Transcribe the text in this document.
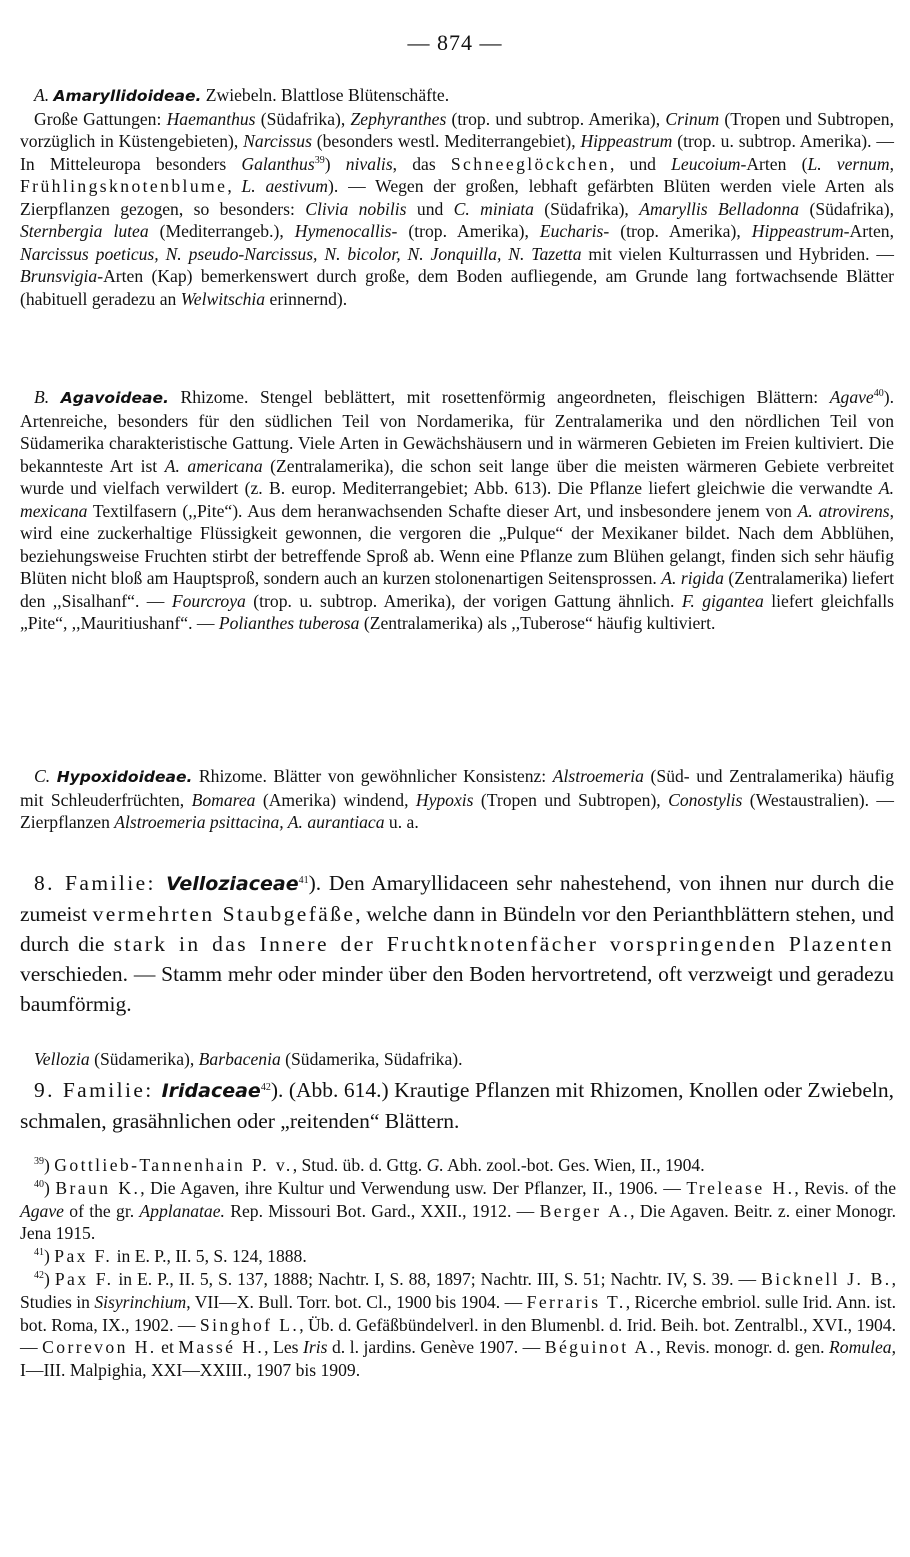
— 874 —

A. Amaryllidoideae. Zwiebeln. Blattlose Blütenschäfte.

Große Gattungen: Haemanthus (Südafrika), Zephyranthes (trop. und subtrop. Amerika), Crinum (Tropen und Subtropen, vorzüglich in Küstengebieten), Narcissus (besonders westl. Mediterrangebiet), Hippeastrum (trop. u. subtrop. Amerika). — In Mitteleuropa besonders Galanthus$^{39}$) nivalis, das Schneeglöckchen, und Leucoium-Arten (L. vernum, Frühlingsknotenblume, L. aestivum). — Wegen der großen, lebhaft gefärbten Blüten werden viele Arten als Zierpflanzen gezogen, so besonders: Clivia nobilis und C. miniata (Südafrika), Amaryllis Belladonna (Südafrika), Sternbergia lutea (Mediterrangeb.), Hymenocallis- (trop. Amerika), Eucharis- (trop. Amerika), Hippeastrum-Arten, Narcissus poeticus, N. pseudo-Narcissus, N. bicolor, N. Jonquilla, N. Tazetta mit vielen Kulturrassen und Hybriden. — Brunsvigia-Arten (Kap) bemerkenswert durch große, dem Boden aufliegende, am Grunde lang fortwachsende Blätter (habituell geradezu an Welwitschia erinnernd).

B. Agavoideae. Rhizome. Stengel beblättert, mit rosettenförmig angeordneten, fleischigen Blättern: Agave$^{40}$). Artenreiche, besonders für den südlichen Teil von Nordamerika, für Zentralamerika und den nördlichen Teil von Südamerika charakteristische Gattung. Viele Arten in Gewächshäusern und in wärmeren Gebieten im Freien kultiviert. Die bekannteste Art ist A. americana (Zentralamerika), die schon seit lange über die meisten wärmeren Gebiete verbreitet wurde und vielfach verwildert (z. B. europ. Mediterrangebiet; Abb. 613). Die Pflanze liefert gleichwie die verwandte A. mexicana Textilfasern (,,Pite“). Aus dem heranwachsenden Schafte dieser Art, und insbesondere jenem von A. atrovirens, wird eine zuckerhaltige Flüssigkeit gewonnen, die vergoren die „Pulque“ der Mexikaner bildet. Nach dem Abblühen, beziehungsweise Fruchten stirbt der betreffende Sproß ab. Wenn eine Pflanze zum Blühen gelangt, finden sich sehr häufig Blüten nicht bloß am Hauptsproß, sondern auch an kurzen stolonenartigen Seitensprossen. A. rigida (Zentralamerika) liefert den ,,Sisalhanf“. — Fourcroya (trop. u. subtrop. Amerika), der vorigen Gattung ähnlich. F. gigantea liefert gleichfalls „Pite“, ,,Mauritiushanf“. — Polianthes tuberosa (Zentralamerika) als ,,Tuberose“ häufig kultiviert.

C. Hypoxidoideae. Rhizome. Blätter von gewöhnlicher Konsistenz: Alstroemeria (Süd- und Zentralamerika) häufig mit Schleuderfrüchten, Bomarea (Amerika) windend, Hypoxis (Tropen und Subtropen), Conostylis (Westaustralien). — Zierpflanzen Alstroemeria psittacina, A. aurantiaca u. a.

8. Familie: Velloziaceae$^{41}$). Den Amaryllidaceen sehr nahestehend, von ihnen nur durch die zumeist vermehrten Staubgefäße, welche dann in Bündeln vor den Perianthblättern stehen, und durch die stark in das Innere der Fruchtknotenfächer vorspringenden Plazenten verschieden. — Stamm mehr oder minder über den Boden hervortretend, oft verzweigt und geradezu baumförmig.

Vellozia (Südamerika), Barbacenia (Südamerika, Südafrika).

9. Familie: Iridaceae$^{42}$). (Abb. 614.) Krautige Pflanzen mit Rhizomen, Knollen oder Zwiebeln, schmalen, grasähnlichen oder „reitenden“ Blättern.

$^{39}$) Gottlieb-Tannenhain P. v., Stud. üb. d. Gttg. G. Abh. zool.-bot. Ges. Wien, II., 1904.

$^{40}$) Braun K., Die Agaven, ihre Kultur und Verwendung usw. Der Pflanzer, II., 1906. — Trelease H., Revis. of the Agave of the gr. Applanatae. Rep. Missouri Bot. Gard., XXII., 1912. — Berger A., Die Agaven. Beitr. z. einer Monogr. Jena 1915.

$^{41}$) Pax F. in E. P., II. 5, S. 124, 1888.

$^{42}$) Pax F. in E. P., II. 5, S. 137, 1888; Nachtr. I, S. 88, 1897; Nachtr. III, S. 51; Nachtr. IV, S. 39. — Bicknell J. B., Studies in Sisyrinchium, VII—X. Bull. Torr. bot. Cl., 1900 bis 1904. — Ferraris T., Ricerche embriol. sulle Irid. Ann. ist. bot. Roma, IX., 1902. — Singhof L., Üb. d. Gefäßbündelverl. in den Blumenbl. d. Irid. Beih. bot. Zentralbl., XVI., 1904. — Correvon H. et Massé H., Les Iris d. l. jardins. Genève 1907. — Béguinot A., Revis. monogr. d. gen. Romulea, I—III. Malpighia, XXI—XXIII., 1907 bis 1909.
